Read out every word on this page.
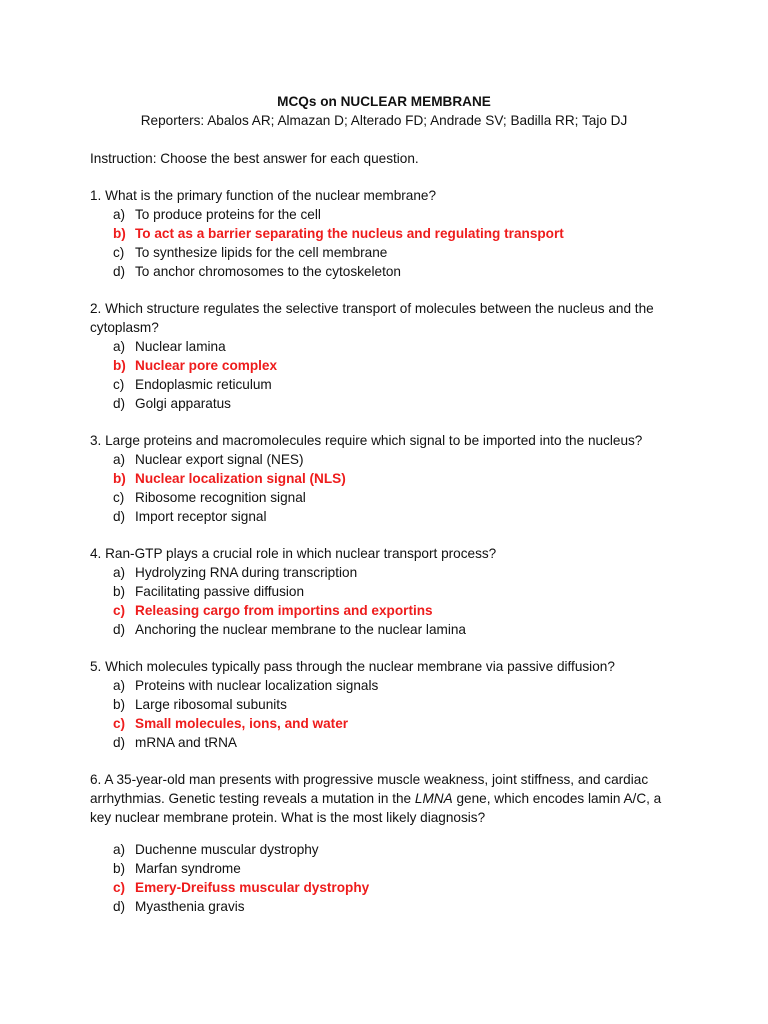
MCQs on NUCLEAR MEMBRANE
Reporters: Abalos AR; Almazan D; Alterado FD; Andrade SV; Badilla RR; Tajo DJ
Instruction: Choose the best answer for each question.
1. What is the primary function of the nuclear membrane?
a) To produce proteins for the cell
b) To act as a barrier separating the nucleus and regulating transport
c) To synthesize lipids for the cell membrane
d) To anchor chromosomes to the cytoskeleton
2. Which structure regulates the selective transport of molecules between the nucleus and the
cytoplasm?
a) Nuclear lamina
b) Nuclear pore complex
c) Endoplasmic reticulum
d) Golgi apparatus
3. Large proteins and macromolecules require which signal to be imported into the nucleus?
a) Nuclear export signal (NES)
b) Nuclear localization signal (NLS)
c) Ribosome recognition signal
d) Import receptor signal
4. Ran-GTP plays a crucial role in which nuclear transport process?
a) Hydrolyzing RNA during transcription
b) Facilitating passive diffusion
c) Releasing cargo from importins and exportins
d) Anchoring the nuclear membrane to the nuclear lamina
5. Which molecules typically pass through the nuclear membrane via passive diffusion?
a) Proteins with nuclear localization signals
b) Large ribosomal subunits
c) Small molecules, ions, and water
d) mRNA and tRNA
6. A 35-year-old man presents with progressive muscle weakness, joint stiffness, and cardiac
arrhythmias. Genetic testing reveals a mutation in the LMNA gene, which encodes lamin A/C, a
key nuclear membrane protein. What is the most likely diagnosis?
a) Duchenne muscular dystrophy
b) Marfan syndrome
c) Emery-Dreifuss muscular dystrophy
d) Myasthenia gravis
